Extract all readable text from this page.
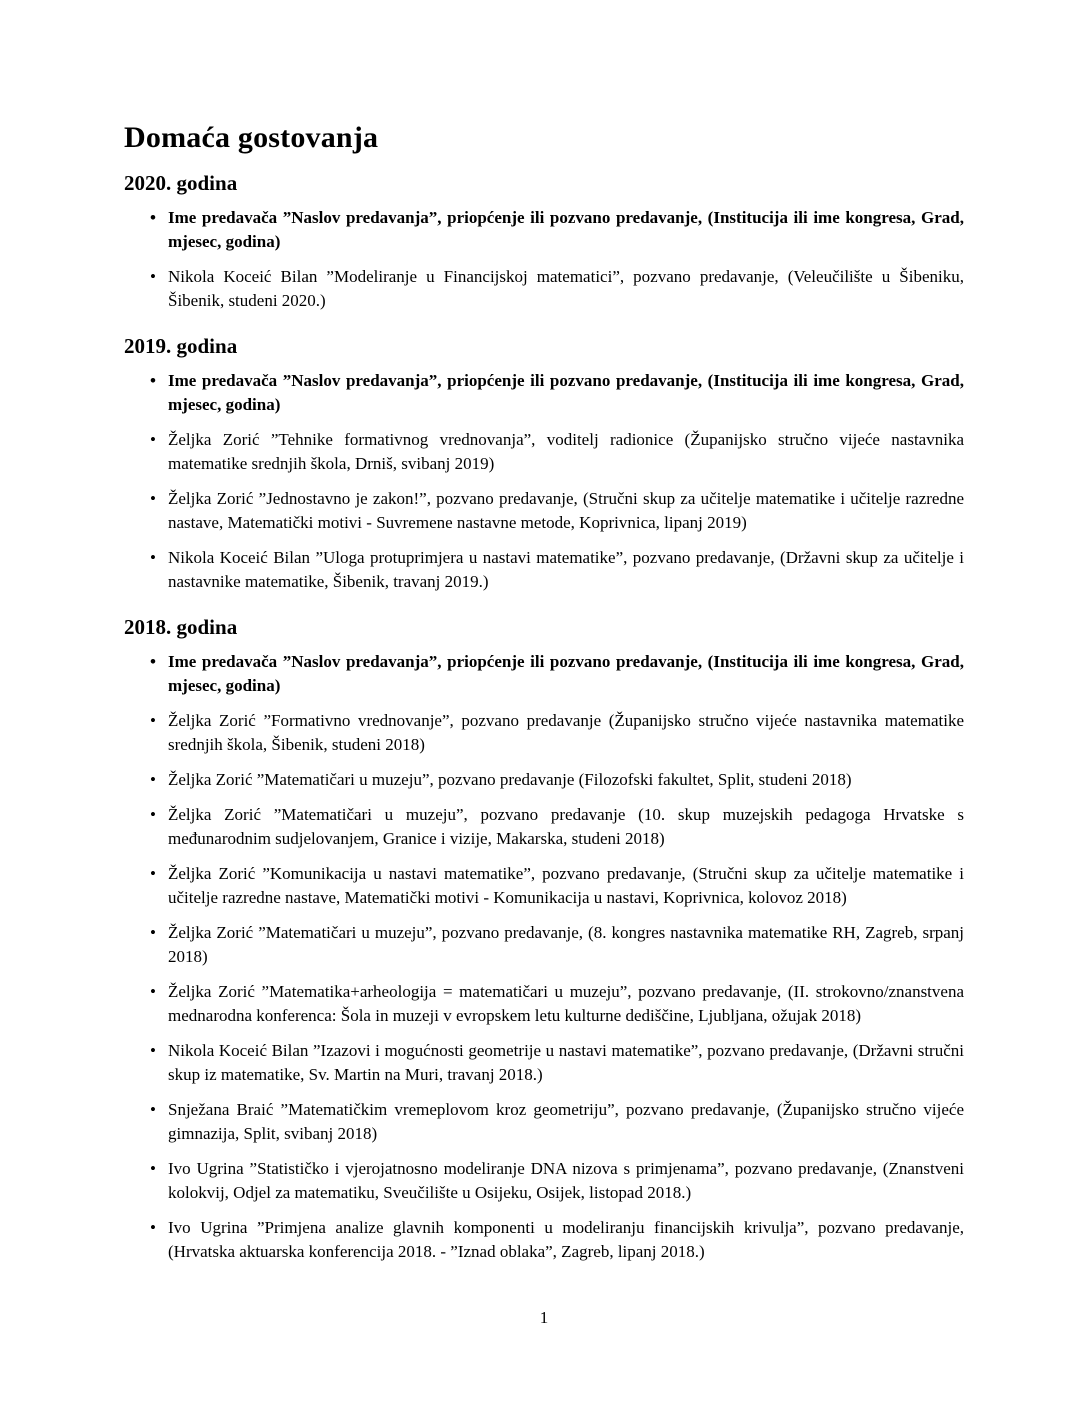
Domaća gostovanja
2020. godina
• Ime predavača ”Naslov predavanja”, priopćenje ili pozvano predavanje, (Institucija ili ime kongresa, Grad, mjesec, godina)
• Nikola Koceić Bilan ”Modeliranje u Financijskoj matematici”, pozvano predavanje, (Veleučilište u Šibeniku, Šibenik, studeni 2020.)
2019. godina
• Ime predavača ”Naslov predavanja”, priopćenje ili pozvano predavanje, (Institucija ili ime kongresa, Grad, mjesec, godina)
• Željka Zorić ”Tehnike formativnog vrednovanja”, voditelj radionice (Županijsko stručno vijeće nastavnika matematike srednjih škola, Drniš, svibanj 2019)
• Željka Zorić ”Jednostavno je zakon!”, pozvano predavanje, (Stručni skup za učitelje matematike i učitelje razredne nastave, Matematički motivi - Suvremene nastavne metode, Koprivnica, lipanj 2019)
• Nikola Koceić Bilan ”Uloga protuprimjera u nastavi matematike”, pozvano predavanje, (Državni skup za učitelje i nastavnike matematike, Šibenik, travanj 2019.)
2018. godina
• Ime predavača ”Naslov predavanja”, priopćenje ili pozvano predavanje, (Institucija ili ime kongresa, Grad, mjesec, godina)
• Željka Zorić ”Formativno vrednovanje”, pozvano predavanje (Županijsko stručno vijeće nastavnika matematike srednjih škola, Šibenik, studeni 2018)
• Željka Zorić ”Matematičari u muzeju”, pozvano predavanje (Filozofski fakultet, Split, studeni 2018)
• Željka Zorić ”Matematičari u muzeju”, pozvano predavanje (10. skup muzejskih pedagoga Hrvatske s međunarodnim sudjelovanjem, Granice i vizije, Makarska, studeni 2018)
• Željka Zorić ”Komunikacija u nastavi matematike”, pozvano predavanje, (Stručni skup za učitelje matematike i učitelje razredne nastave, Matematički motivi - Komunikacija u nastavi, Koprivnica, kolovoz 2018)
• Željka Zorić ”Matematičari u muzeju”, pozvano predavanje, (8. kongres nastavnika matematike RH, Zagreb, srpanj 2018)
• Željka Zorić ”Matematika+arheologija = matematičari u muzeju”, pozvano predavanje, (II. strokovno/znanstvena mednarodna konferenca: Šola in muzeji v evropskem letu kulturne dediščine, Ljubljana, ožujak 2018)
• Nikola Koceić Bilan ”Izazovi i mogućnosti geometrije u nastavi matematike”, pozvano predavanje, (Državni stručni skup iz matematike, Sv. Martin na Muri, travanj 2018.)
• Snježana Braić ”Matematičkim vremeplovom kroz geometriju”, pozvano predavanje, (Županijsko stručno vijeće gimnazija, Split, svibanj 2018)
• Ivo Ugrina ”Statističko i vjerojatnosno modeliranje DNA nizova s primjenama”, pozvano predavanje, (Znanstveni kolokvij, Odjel za matematiku, Sveučilište u Osijeku, Osijek, listopad 2018.)
• Ivo Ugrina ”Primjena analize glavnih komponenti u modeliranju financijskih krivulja”, pozvano predavanje, (Hrvatska aktuarska konferencija 2018. - ”Iznad oblaka”, Zagreb, lipanj 2018.)
1
